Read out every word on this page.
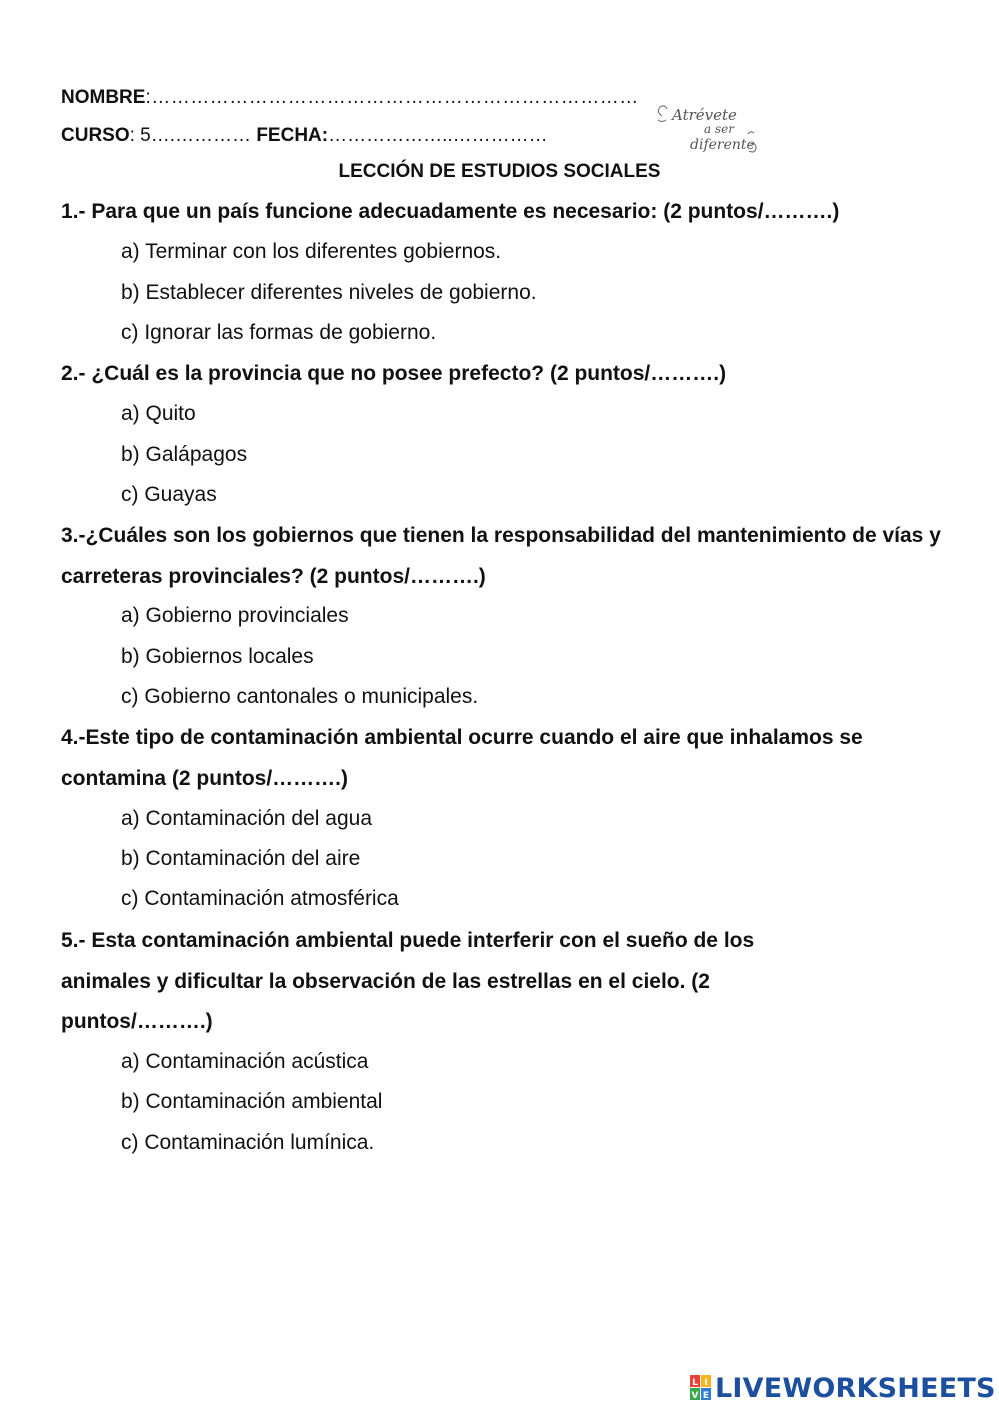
NOMBRE:…………………………………………………………………
CURSO: 5….………… FECHA:………………..……………
Atrévete
a ser
diferente
LECCIÓN DE ESTUDIOS SOCIALES
1.- Para que un país funcione adecuadamente es necesario: (2 puntos/……….)
a) Terminar con los diferentes gobiernos.
b) Establecer diferentes niveles de gobierno.
c) Ignorar las formas de gobierno.
2.- ¿Cuál es la provincia que no posee prefecto? (2 puntos/……….)
a) Quito
b) Galápagos
c) Guayas
3.-¿Cuáles son los gobiernos que tienen la responsabilidad del mantenimiento de vías y carreteras provinciales? (2 puntos/……….)
a) Gobierno provinciales
b) Gobiernos locales
c) Gobierno cantonales o municipales.
4.-Este tipo de contaminación ambiental ocurre cuando el aire que inhalamos se contamina (2 puntos/……….)
a) Contaminación del agua
b) Contaminación del aire
c) Contaminación atmosférica
5.- Esta contaminación ambiental puede interferir con el sueño de los animales y dificultar la observación de las estrellas en el cielo. (2 puntos/……….)
a) Contaminación acústica
b) Contaminación ambiental
c) Contaminación lumínica.
L I
V E LIVEWORKSHEETS
